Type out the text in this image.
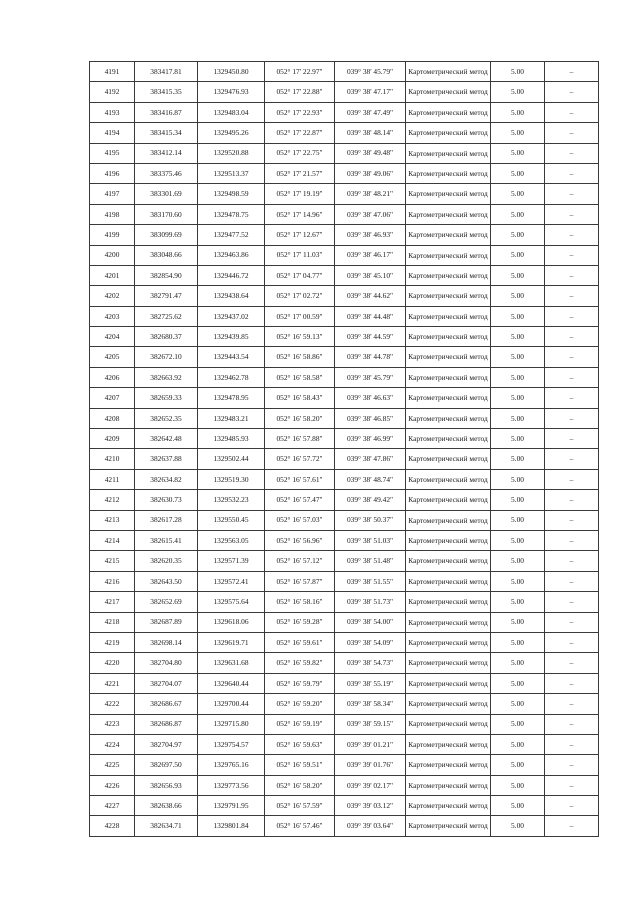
4191	383417.81	1329450.80	052° 17' 22.97"	039° 38' 45.79"	Картометрический метод	5.00	–
4192	383415.35	1329476.93	052° 17' 22.88"	039° 38' 47.17"	Картометрический метод	5.00	–
4193	383416.87	1329483.04	052° 17' 22.93"	039° 38' 47.49"	Картометрический метод	5.00	–
4194	383415.34	1329495.26	052° 17' 22.87"	039° 38' 48.14"	Картометрический метод	5.00	–
4195	383412.14	1329520.88	052° 17' 22.75"	039° 38' 49.48"	Картометрический метод	5.00	–
4196	383375.46	1329513.37	052° 17' 21.57"	039° 38' 49.06"	Картометрический метод	5.00	–
4197	383301.69	1329498.59	052° 17' 19.19"	039° 38' 48.21"	Картометрический метод	5.00	–
4198	383170.60	1329478.75	052° 17' 14.96"	039° 38' 47.06"	Картометрический метод	5.00	–
4199	383099.69	1329477.52	052° 17' 12.67"	039° 38' 46.93"	Картометрический метод	5.00	–
4200	383048.66	1329463.86	052° 17' 11.03"	039° 38' 46.17"	Картометрический метод	5.00	–
4201	382854.90	1329446.72	052° 17' 04.77"	039° 38' 45.10"	Картометрический метод	5.00	–
4202	382791.47	1329438.64	052° 17' 02.72"	039° 38' 44.62"	Картометрический метод	5.00	–
4203	382725.62	1329437.02	052° 17' 00.59"	039° 38' 44.48"	Картометрический метод	5.00	–
4204	382680.37	1329439.85	052° 16' 59.13"	039° 38' 44.59"	Картометрический метод	5.00	–
4205	382672.10	1329443.54	052° 16' 58.86"	039° 38' 44.78"	Картометрический метод	5.00	–
4206	382663.92	1329462.78	052° 16' 58.58"	039° 38' 45.79"	Картометрический метод	5.00	–
4207	382659.33	1329478.95	052° 16' 58.43"	039° 38' 46.63"	Картометрический метод	5.00	–
4208	382652.35	1329483.21	052° 16' 58.20"	039° 38' 46.85"	Картометрический метод	5.00	–
4209	382642.48	1329485.93	052° 16' 57.88"	039° 38' 46.99"	Картометрический метод	5.00	–
4210	382637.88	1329502.44	052° 16' 57.72"	039° 38' 47.86"	Картометрический метод	5.00	–
4211	382634.82	1329519.30	052° 16' 57.61"	039° 38' 48.74"	Картометрический метод	5.00	–
4212	382630.73	1329532.23	052° 16' 57.47"	039° 38' 49.42"	Картометрический метод	5.00	–
4213	382617.28	1329550.45	052° 16' 57.03"	039° 38' 50.37"	Картометрический метод	5.00	–
4214	382615.41	1329563.05	052° 16' 56.96"	039° 38' 51.03"	Картометрический метод	5.00	–
4215	382620.35	1329571.39	052° 16' 57.12"	039° 38' 51.48"	Картометрический метод	5.00	–
4216	382643.50	1329572.41	052° 16' 57.87"	039° 38' 51.55"	Картометрический метод	5.00	–
4217	382652.69	1329575.64	052° 16' 58.16"	039° 38' 51.73"	Картометрический метод	5.00	–
4218	382687.89	1329618.06	052° 16' 59.28"	039° 38' 54.00"	Картометрический метод	5.00	–
4219	382698.14	1329619.71	052° 16' 59.61"	039° 38' 54.09"	Картометрический метод	5.00	–
4220	382704.80	1329631.68	052° 16' 59.82"	039° 38' 54.73"	Картометрический метод	5.00	–
4221	382704.07	1329640.44	052° 16' 59.79"	039° 38' 55.19"	Картометрический метод	5.00	–
4222	382686.67	1329700.44	052° 16' 59.20"	039° 38' 58.34"	Картометрический метод	5.00	–
4223	382686.87	1329715.80	052° 16' 59.19"	039° 38' 59.15"	Картометрический метод	5.00	–
4224	382704.97	1329754.57	052° 16' 59.63"	039° 39' 01.21"	Картометрический метод	5.00	–
4225	382697.50	1329765.16	052° 16' 59.51"	039° 39' 01.76"	Картометрический метод	5.00	–
4226	382656.93	1329773.56	052° 16' 58.20"	039° 39' 02.17"	Картометрический метод	5.00	–
4227	382638.66	1329791.95	052° 16' 57.59"	039° 39' 03.12"	Картометрический метод	5.00	–
4228	382634.71	1329801.84	052° 16' 57.46"	039° 39' 03.64"	Картометрический метод	5.00	–
